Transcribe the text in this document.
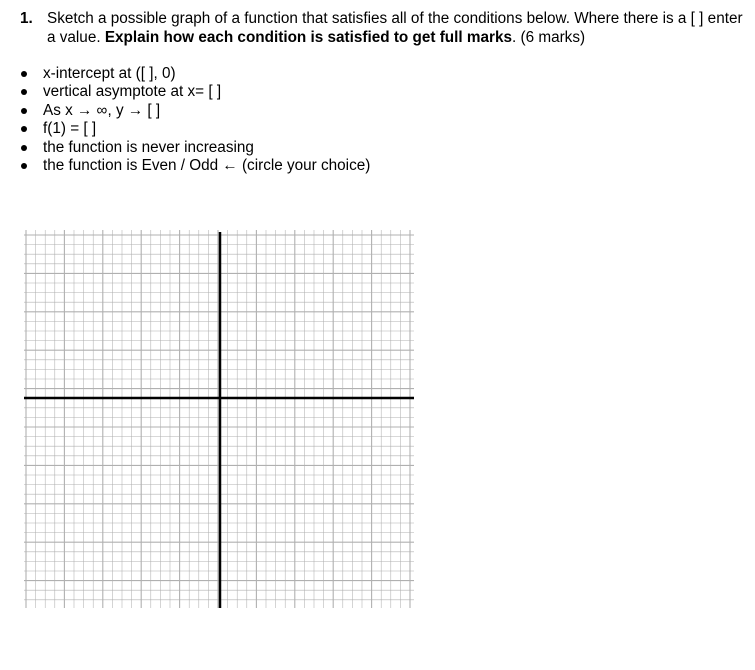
1. Sketch a possible graph of a function that satisfies all of the conditions below. Where there is a [ ] enter a value. Explain how each condition is satisfied to get full marks. (6 marks)
x-intercept at ([ ], 0)
vertical asymptote at x= [ ]
As x → ∞, y → [ ]
f(1) = [ ]
the function is never increasing
the function is Even / Odd ← (circle your choice)
